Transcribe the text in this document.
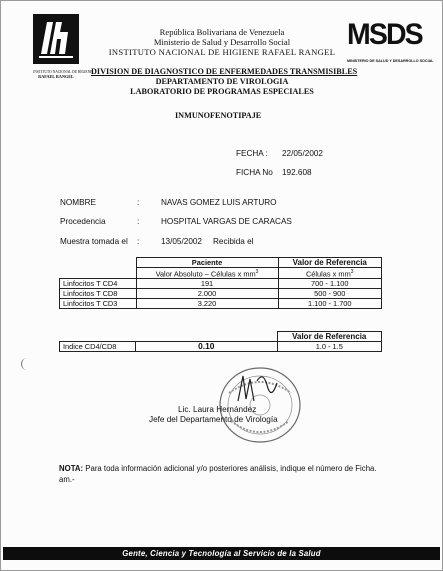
INSTITUTO NACIONAL DE HIGIENE
RAFAEL RANGEL
República Bolivariana de Venezuela
Ministerio de Salud y Desarrollo Social
INSTITUTO NACIONAL DE HIGIENE RAFAEL RANGEL
DIVISION DE DIAGNOSTICO DE ENFERMEDADES TRANSMISIBLES
DEPARTAMENTO DE VIROLOGIA
LABORATORIO DE PROGRAMAS ESPECIALES
MSDS
MINISTERIO DE SALUD Y DESARROLLO SOCIAL
INMUNOFENOTIPAJE
FECHA : 22/05/2002
FICHA No 192.608
NOMBRE	:	NAVAS GOMEZ LUIS ARTURO
Procedencia	:	HOSPITAL VARGAS DE CARACAS
Muestra tomada el :	13/05/2002 Recibida el
	Paciente	Valor de Referencia
	Valor Absoluto – Células x $mm^3$	Células x $mm^3$
Linfocitos T CD4	191	700 - 1.100
Linfocitos T CD8	2.000	500 - 900
Linfocitos T CD3	3.220	1.100 - 1.700
		Valor de Referencia
Indice CD4/CD8	0.10	1.0 - 1.5
Lic. Laura Hernández
Jefe del Departamento de Virología
NOTA: Para toda información adicional y/o posteriores análisis, indique el número de Ficha.
am.-
Gente, Ciencia y Tecnología al Servicio de la Salud
